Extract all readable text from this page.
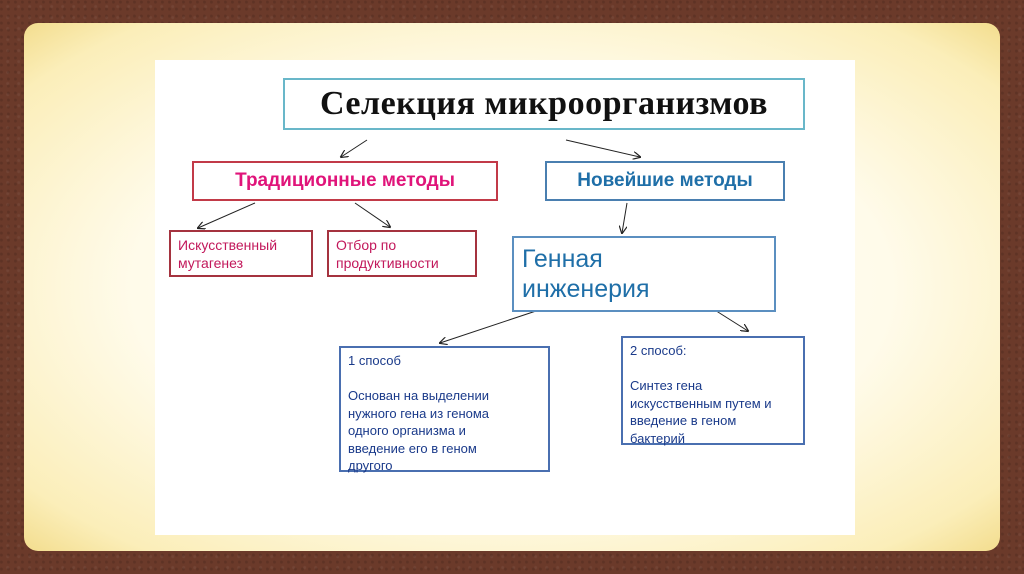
Селекция микроорганизмов
Традиционные методы	Новейшие методы
Искусственный
мутагенез
Отбор по
продуктивности	Генная
инженерия
1 способ

Основан на выделении
нужного гена из генома
одного организма и
введение его в геном
другого
2 способ:

Синтез гена
искусственным путем и
введение в геном
бактерий
